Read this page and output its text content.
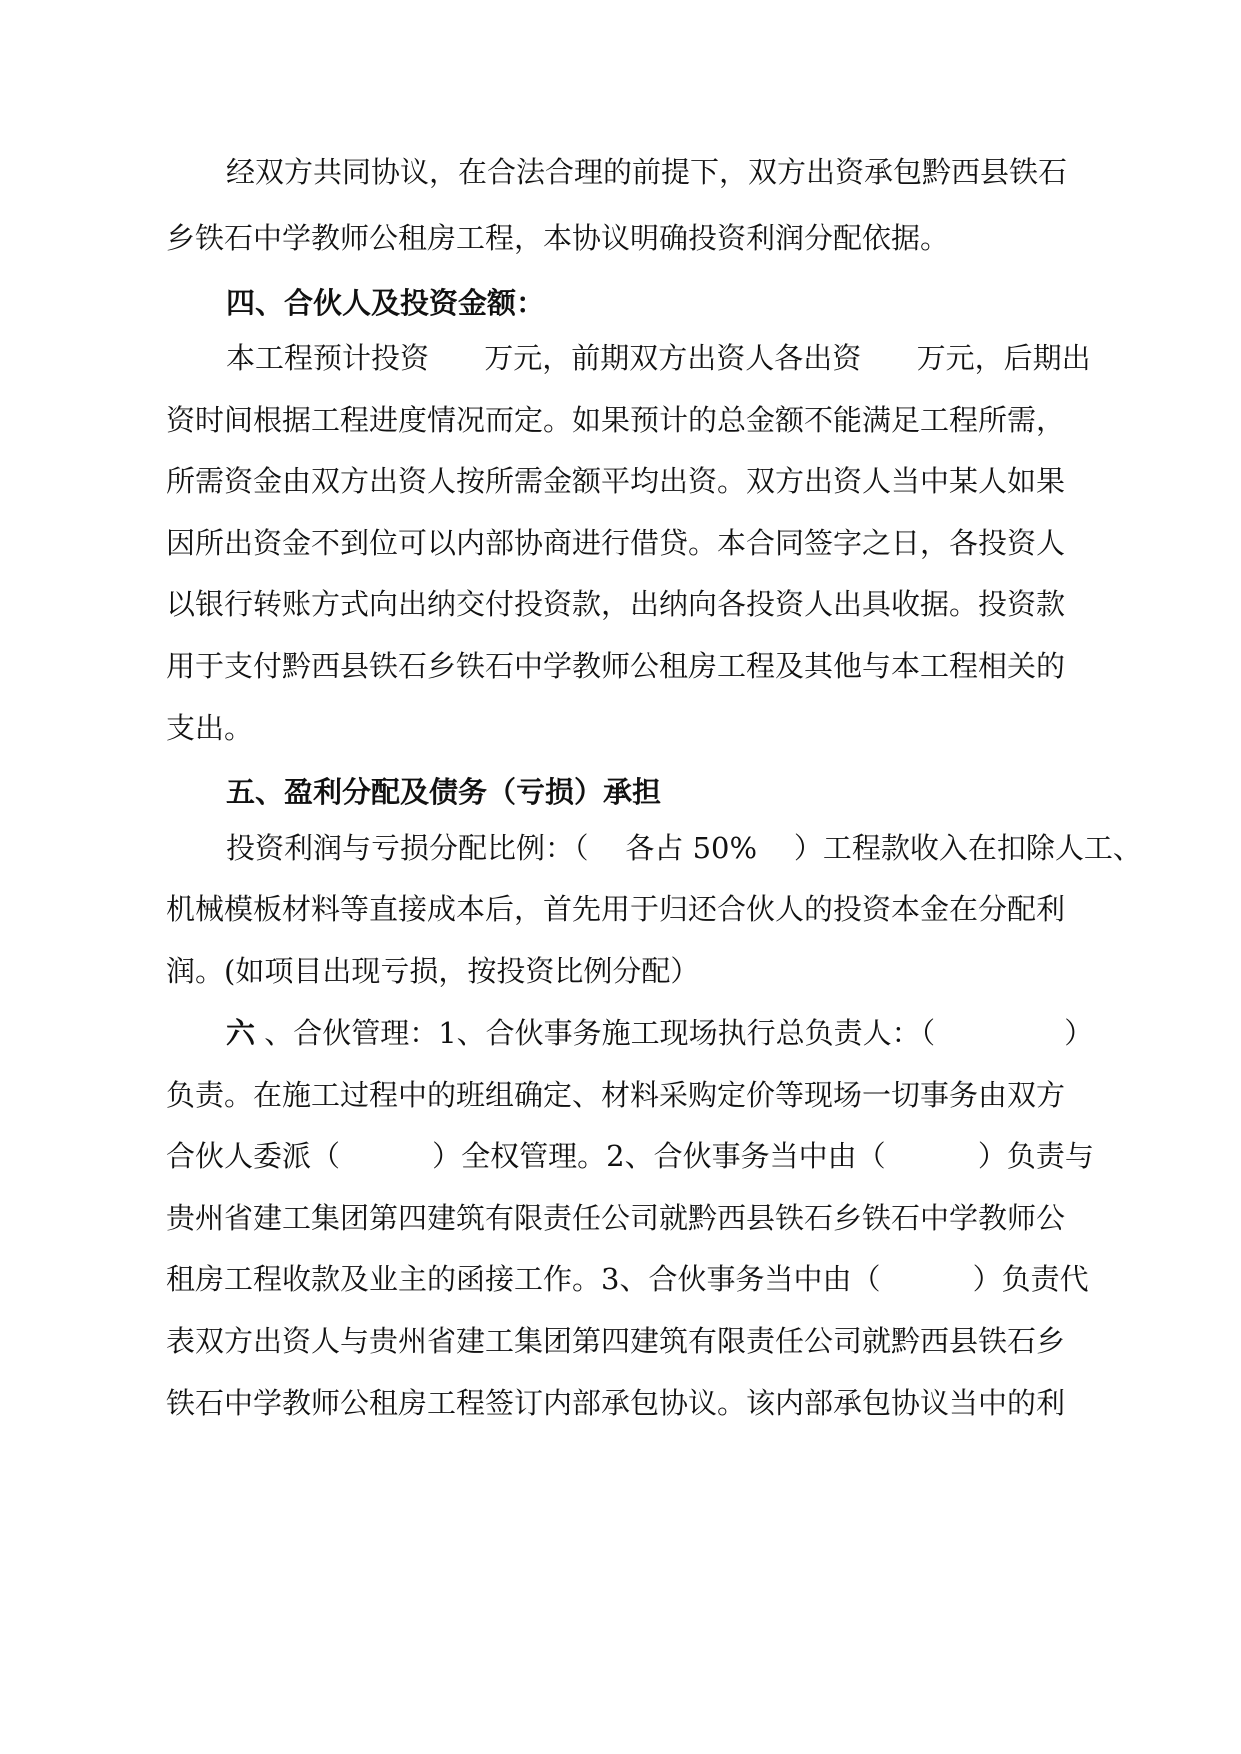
经双方共同协议，在合法合理的前提下，双方出资承包黔西县铁石
乡铁石中学教师公租房工程，本协议明确投资利润分配依据。
四、合伙人及投资金额：
本工程预计投资      万元，前期双方出资人各出资      万元，后期出
资时间根据工程进度情况而定。如果预计的总金额不能满足工程所需，
所需资金由双方出资人按所需金额平均出资。双方出资人当中某人如果
因所出资金不到位可以内部协商进行借贷。本合同签字之日，各投资人
以银行转账方式向出纳交付投资款，出纳向各投资人出具收据。投资款
用于支付黔西县铁石乡铁石中学教师公租房工程及其他与本工程相关的
支出。
五、盈利分配及债务（亏损）承担
投资利润与亏损分配比例：（    各占 50%    ）工程款收入在扣除人工、
机械模板材料等直接成本后，首先用于归还合伙人的投资本金在分配利
润。(如项目出现亏损，按投资比例分配）
六 、合伙管理：1、合伙事务施工现场执行总负责人：（              ）
负责。在施工过程中的班组确定、材料采购定价等现场一切事务由双方
合伙人委派（          ）全权管理。2、合伙事务当中由（          ）负责与
贵州省建工集团第四建筑有限责任公司就黔西县铁石乡铁石中学教师公
租房工程收款及业主的函接工作。3、合伙事务当中由（          ）负责代
表双方出资人与贵州省建工集团第四建筑有限责任公司就黔西县铁石乡
铁石中学教师公租房工程签订内部承包协议。该内部承包协议当中的利
